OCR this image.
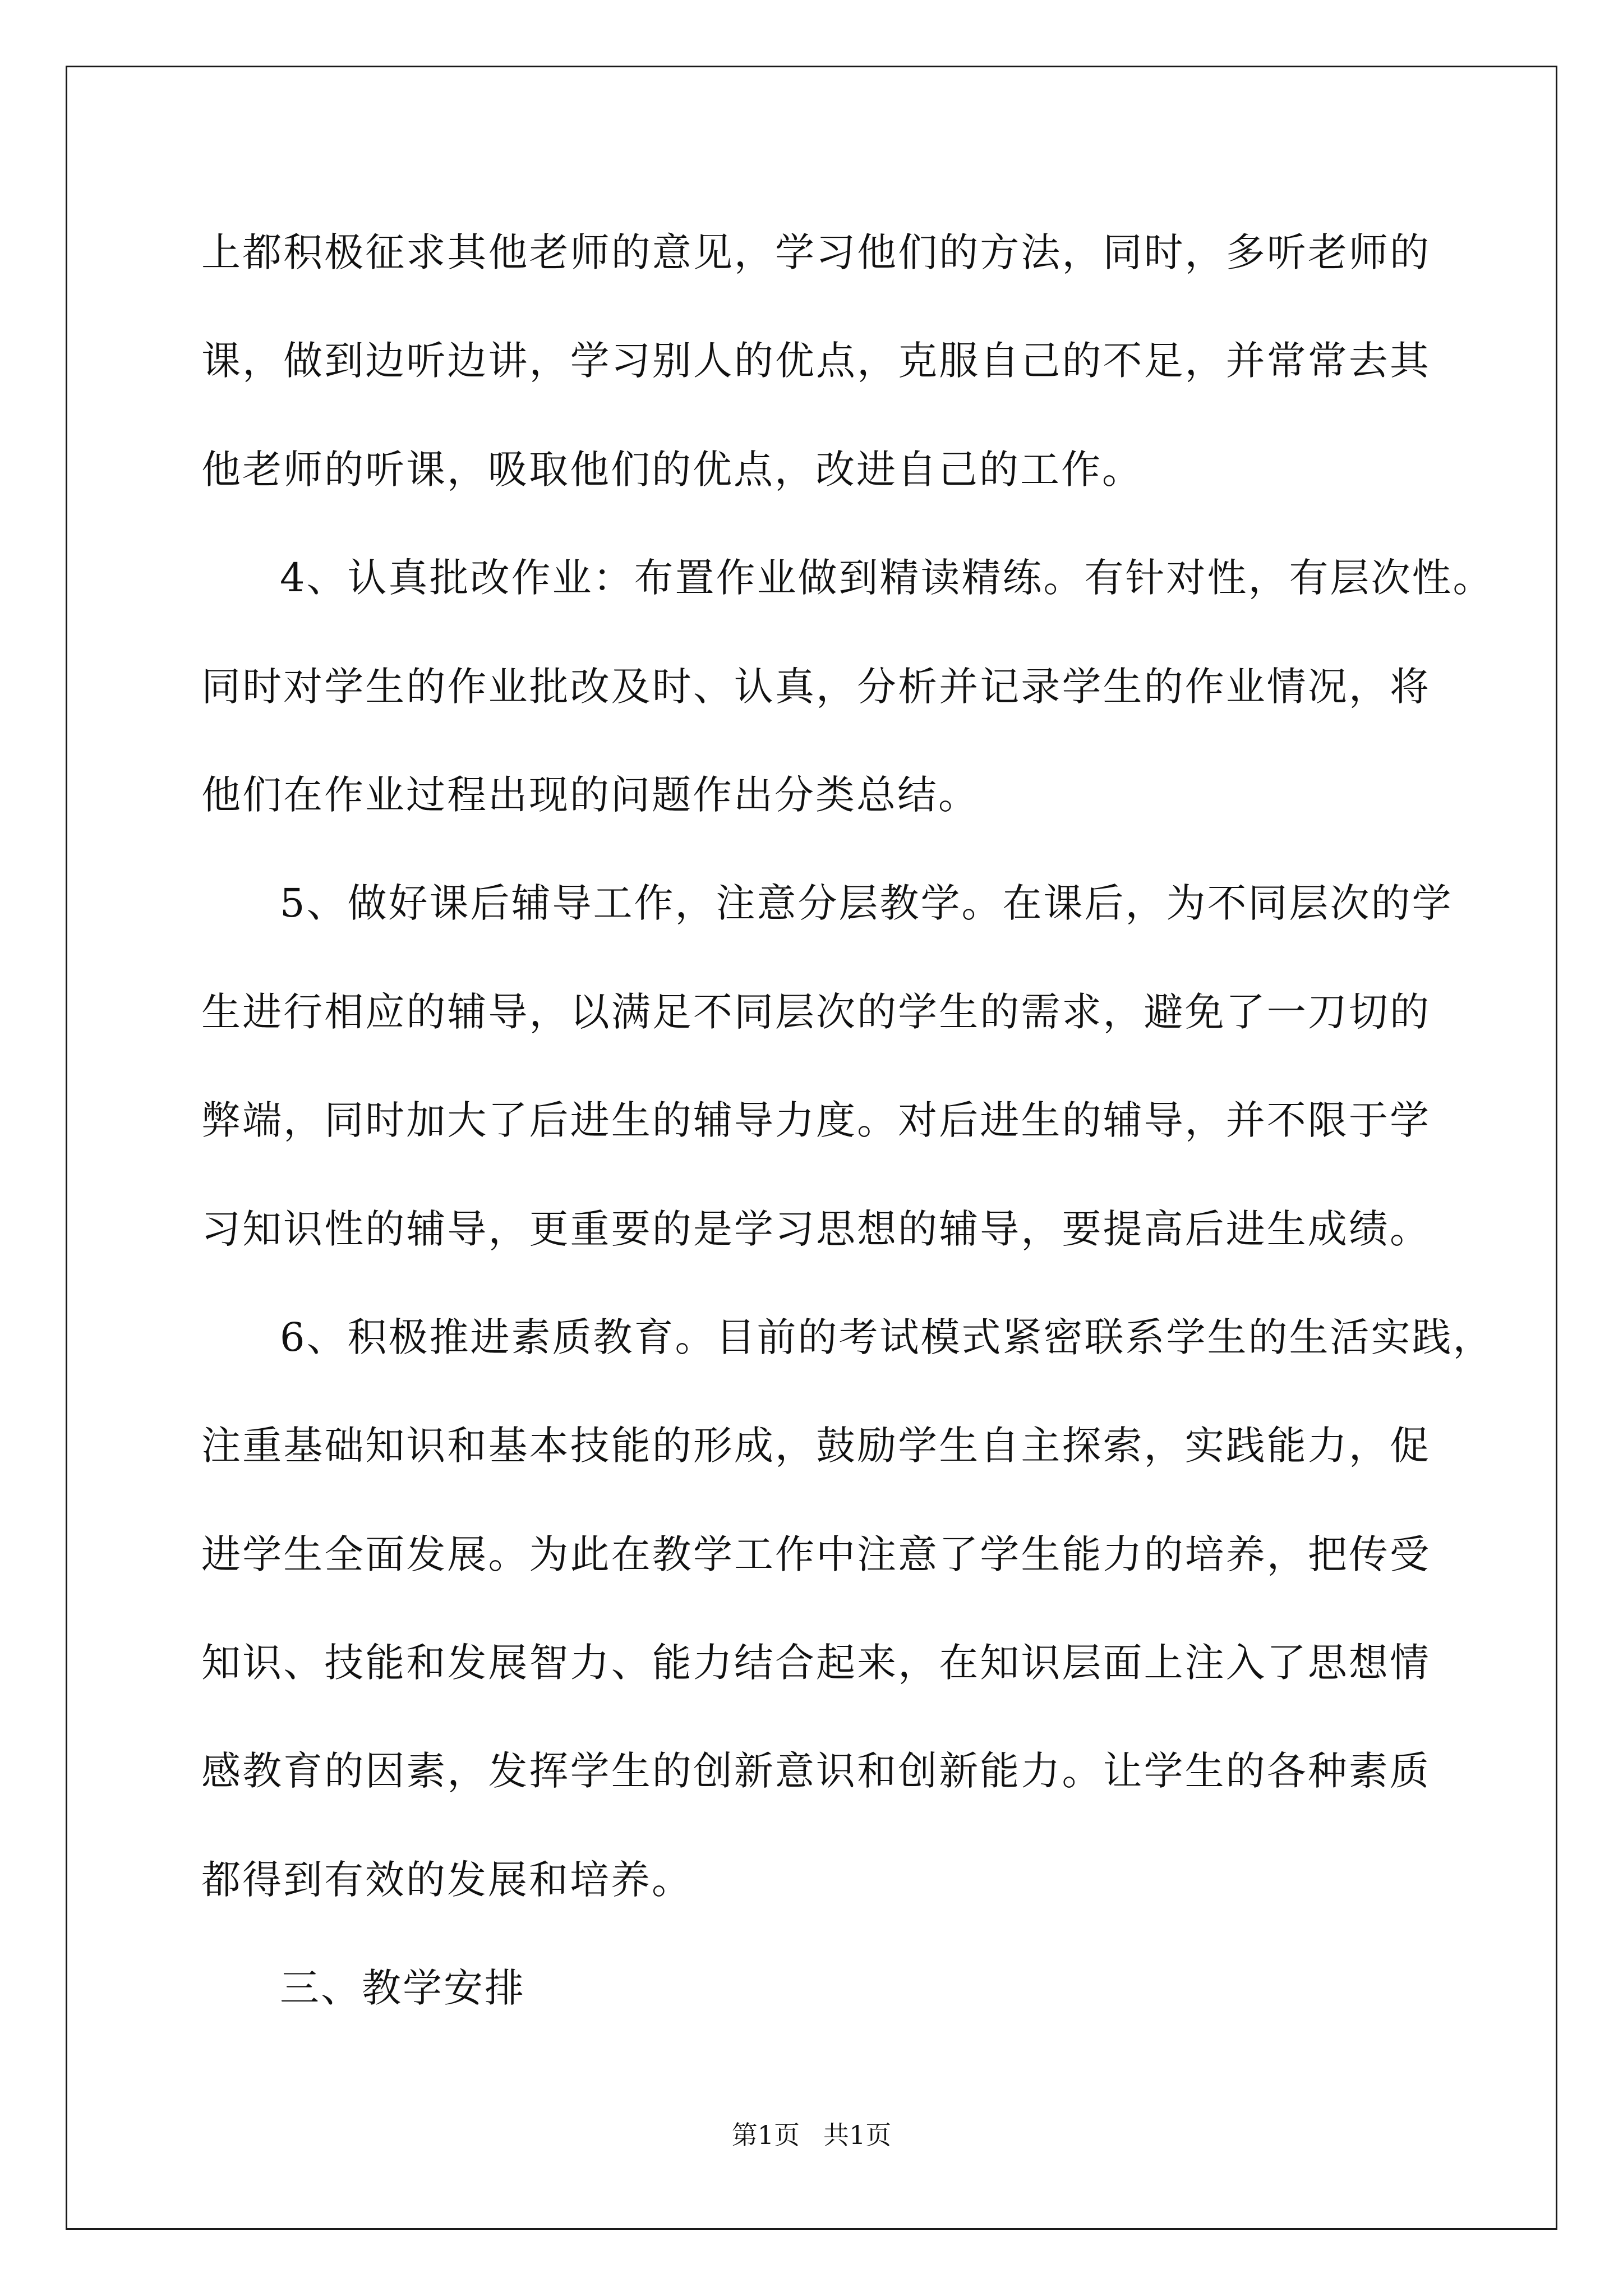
上都积极征求其他老师的意见，学习他们的方法，同时，多听老师的
课，做到边听边讲，学习别人的优点，克服自己的不足，并常常去其
他老师的听课，吸取他们的优点，改进自己的工作。
4、认真批改作业：布置作业做到精读精练。有针对性，有层次性。
同时对学生的作业批改及时、认真，分析并记录学生的作业情况，将
他们在作业过程出现的问题作出分类总结。
5、做好课后辅导工作，注意分层教学。在课后，为不同层次的学
生进行相应的辅导，以满足不同层次的学生的需求，避免了一刀切的
弊端，同时加大了后进生的辅导力度。对后进生的辅导，并不限于学
习知识性的辅导，更重要的是学习思想的辅导，要提高后进生成绩。
6、积极推进素质教育。目前的考试模式紧密联系学生的生活实践，
注重基础知识和基本技能的形成，鼓励学生自主探索，实践能力，促
进学生全面发展。为此在教学工作中注意了学生能力的培养，把传受
知识、技能和发展智力、能力结合起来，在知识层面上注入了思想情
感教育的因素，发挥学生的创新意识和创新能力。让学生的各种素质
都得到有效的发展和培养。
三、教学安排
第1页 共1页
